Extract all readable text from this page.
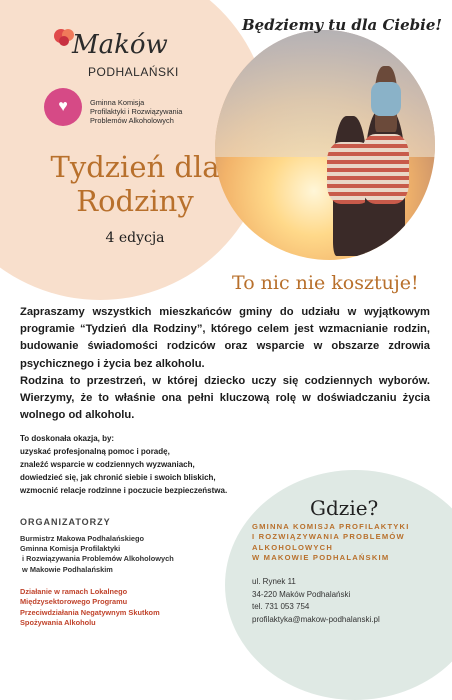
Będziemy tu dla Ciebie!
Maków
PODHALAŃSKI
♥	Gminna Komisja
Profilaktyki i Rozwiązywania
Problemów Alkoholowych
Tydzień dla
Rodziny
4 edycja
To nic nie kosztuje!

Zapraszamy wszystkich mieszkańców gminy do udziału w wyjątkowym programie “Tydzień dla Rodziny”, którego celem jest wzmacnianie rodzin, budowanie świadomości rodziców oraz wsparcie w obszarze zdrowia psychicznego i życia bez alkoholu.

Rodzina to przestrzeń, w której dziecko uczy się codziennych wyborów. Wierzymy, że to właśnie ona pełni kluczową rolę w doświadczaniu życia wolnego od alkoholu.

To doskonała okazja, by:
uzyskać profesjonalną pomoc i poradę,
znaleźć wsparcie w codziennych wyzwaniach,
dowiedzieć się, jak chronić siebie i swoich bliskich,
wzmocnić relacje rodzinne i poczucie bezpieczeństwa.
ORGANIZATORZY
Burmistrz Makowa Podhalańskiego
Gminna Komisja Profilaktyki
i Rozwiązywania Problemów Alkoholowych
w Makowie Podhalańskim
Działanie w ramach Lokalnego
Międzysektorowego Programu
Przeciwdziałania Negatywnym Skutkom
Spożywania Alkoholu
Gdzie?
GMINNA KOMISJA PROFILAKTYKI
I ROZWIĄZYWANIA PROBLEMÓW
ALKOHOLOWYCH
W MAKOWIE PODHALAŃSKIM
ul. Rynek 11
34-220 Maków Podhalański
tel. 731 053 754
profilaktyka@makow-podhalanski.pl
